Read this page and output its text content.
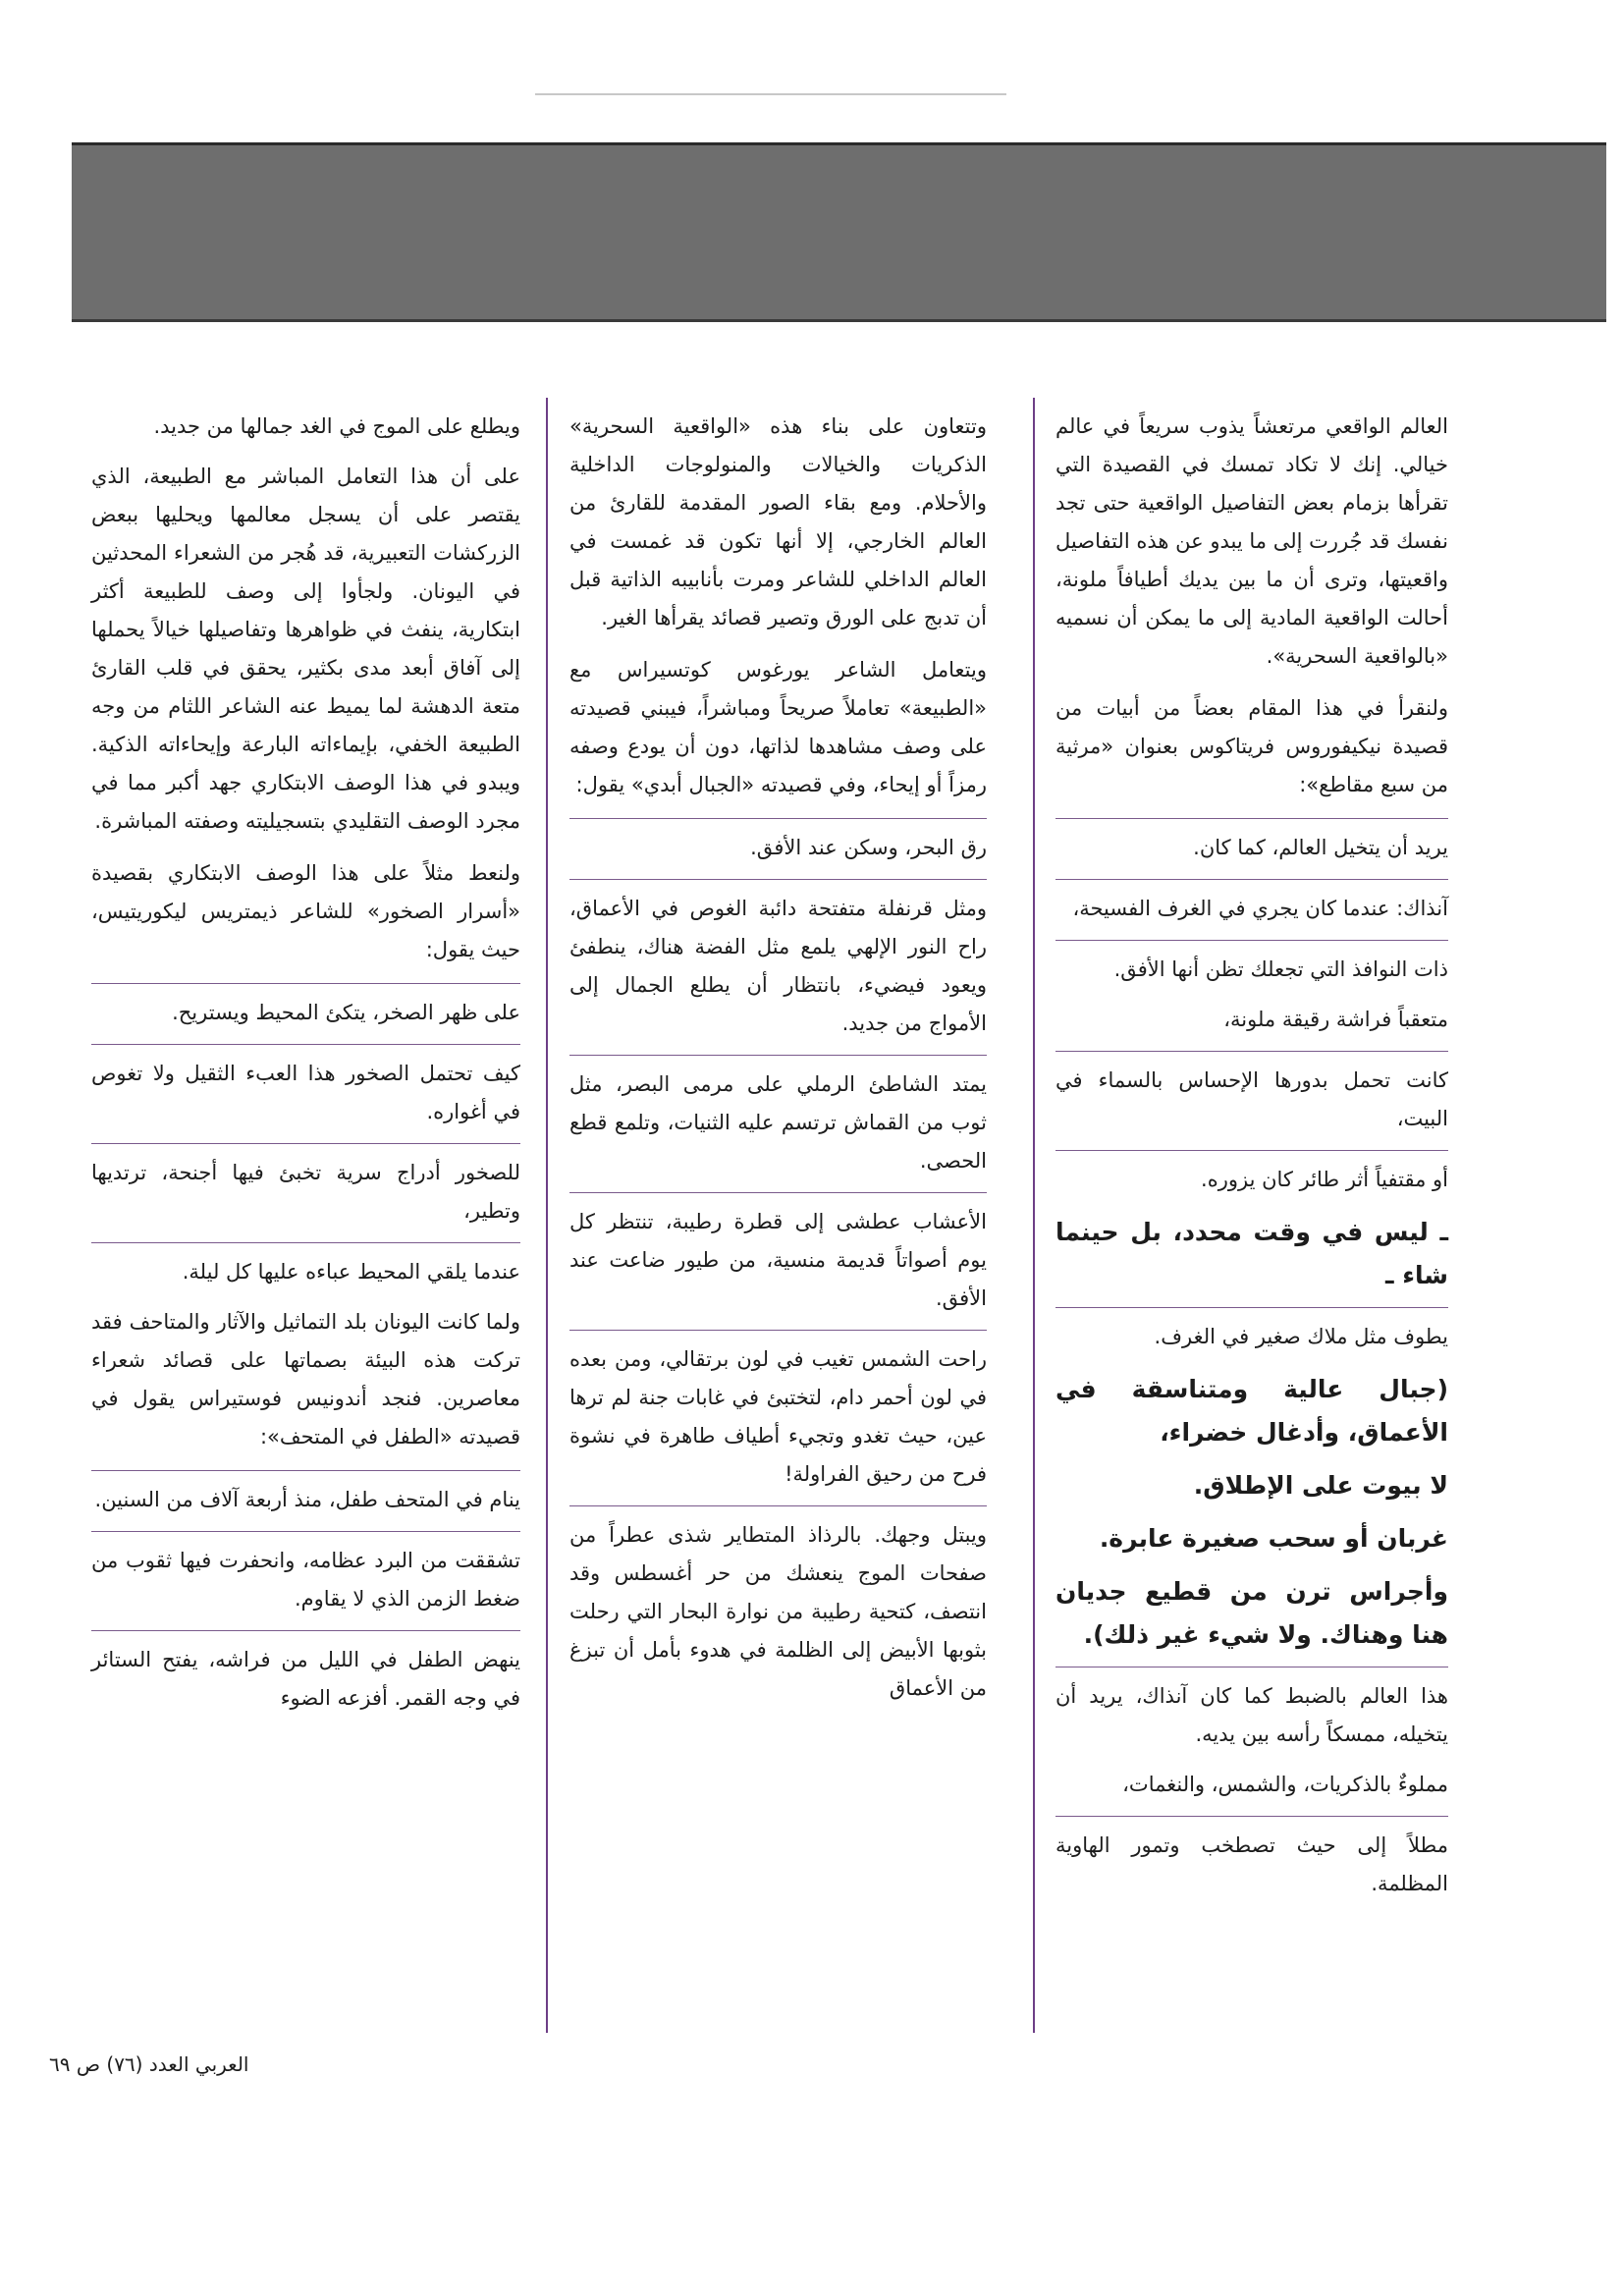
العالم الواقعي مرتعشاً يذوب سريعاً في عالم خيالي. إنك لا تكاد تمسك في القصيدة التي تقرأها بزمام بعض التفاصيل الواقعية حتى تجد نفسك قد جُررت إلى ما يبدو عن هذه التفاصيل واقعيتها، وترى أن ما بين يديك أطيافاً ملونة، أحالت الواقعية المادية إلى ما يمكن أن نسميه «بالواقعية السحرية».

ولنقرأ في هذا المقام بعضاً من أبيات من قصيدة نيكيفوروس فريتاكوس بعنوان «مرثية من سبع مقاطع»:

يريد أن يتخيل العالم، كما كان.

آنذاك: عندما كان يجري في الغرف الفسيحة،

ذات النوافذ التي تجعلك تظن أنها الأفق.

متعقباً فراشة رقيقة ملونة،

كانت تحمل بدورها الإحساس بالسماء في البيت،

أو مقتفياً أثر طائر كان يزوره.

ـ ليس في وقت محدد، بل حينما شاء ـ

يطوف مثل ملاك صغير في الغرف.

(جبال عالية ومتناسقة في الأعماق، وأدغال خضراء،

لا بيوت على الإطلاق.

غربان أو سحب صغيرة عابرة.

وأجراس ترن من قطيع جديان هنا وهناك. ولا شيء غير ذلك).

هذا العالم بالضبط كما كان آنذاك، يريد أن يتخيله، ممسكاً رأسه بين يديه.

مملوءٌ بالذكريات، والشمس، والنغمات،

مطلاً إلى حيث تصطخب وتمور الهاوية المظلمة.

وتتعاون على بناء هذه «الواقعية السحرية» الذكريات والخيالات والمنولوجات الداخلية والأحلام. ومع بقاء الصور المقدمة للقارئ من العالم الخارجي، إلا أنها تكون قد غمست في العالم الداخلي للشاعر ومرت بأنابيبه الذاتية قبل أن تدبج على الورق وتصير قصائد يقرأها الغير.

ويتعامل الشاعر يورغوس كوتسيراس مع «الطبيعة» تعاملاً صريحاً ومباشراً، فيبني قصيدته على وصف مشاهدها لذاتها، دون أن يودع وصفه رمزاً أو إيحاء، وفي قصيدته «الجبال أبدي» يقول:

رق البحر، وسكن عند الأفق.

ومثل قرنفلة متفتحة دائبة الغوص في الأعماق، راح النور الإلهي يلمع مثل الفضة هناك، ينطفئ ويعود فيضيء، بانتظار أن يطلع الجمال إلى الأمواج من جديد.

يمتد الشاطئ الرملي على مرمى البصر، مثل ثوب من القماش ترتسم عليه الثنيات، وتلمع قطع الحصى.

الأعشاب عطشى إلى قطرة رطيبة، تنتظر كل يوم أصواتاً قديمة منسية، من طيور ضاعت عند الأفق.

راحت الشمس تغيب في لون برتقالي، ومن بعده في لون أحمر دام، لتختبئ في غابات جنة لم ترها عين، حيث تغدو وتجيء أطياف طاهرة في نشوة فرح من رحيق الفراولة!

ويبتل وجهك. بالرذاذ المتطاير شذى عطراً من صفحات الموج ينعشك من حر أغسطس وقد انتصف، كتحية رطيبة من نوارة البحار التي رحلت بثوبها الأبيض إلى الظلمة في هدوء بأمل أن تبزغ من الأعماق

ويطلع على الموج في الغد جمالها من جديد.

على أن هذا التعامل المباشر مع الطبيعة، الذي يقتصر على أن يسجل معالمها ويحليها ببعض الزركشات التعبيرية، قد هُجر من الشعراء المحدثين في اليونان. ولجأوا إلى وصف للطبيعة أكثر ابتكارية، ينفث في ظواهرها وتفاصيلها خيالاً يحملها إلى آفاق أبعد مدى بكثير، يحقق في قلب القارئ متعة الدهشة لما يميط عنه الشاعر اللثام من وجه الطبيعة الخفي، بإيماءاته البارعة وإيحاءاته الذكية. ويبدو في هذا الوصف الابتكاري جهد أكبر مما في مجرد الوصف التقليدي بتسجيليته وصفته المباشرة.

ولنعط مثلاً على هذا الوصف الابتكاري بقصيدة «أسرار الصخور» للشاعر ذيمتريس ليكوريتيس، حيث يقول:

على ظهر الصخر، يتكئ المحيط ويستريح.

كيف تحتمل الصخور هذا العبء الثقيل ولا تغوص في أغواره.

للصخور أدراج سرية تخبئ فيها أجنحة، ترتديها وتطير،

عندما يلقي المحيط عباءه عليها كل ليلة.

ولما كانت اليونان بلد التماثيل والآثار والمتاحف فقد تركت هذه البيئة بصماتها على قصائد شعراء معاصرين. فنجد أندونيس فوستيراس يقول في قصيدته «الطفل في المتحف»:

ينام في المتحف طفل، منذ أربعة آلاف من السنين.

تشققت من البرد عظامه، وانحفرت فيها ثقوب من ضغط الزمن الذي لا يقاوم.

ينهض الطفل في الليل من فراشه، يفتح الستائر في وجه القمر. أفزعه الضوء

العربي العدد (٧٦) ص ٦٩
